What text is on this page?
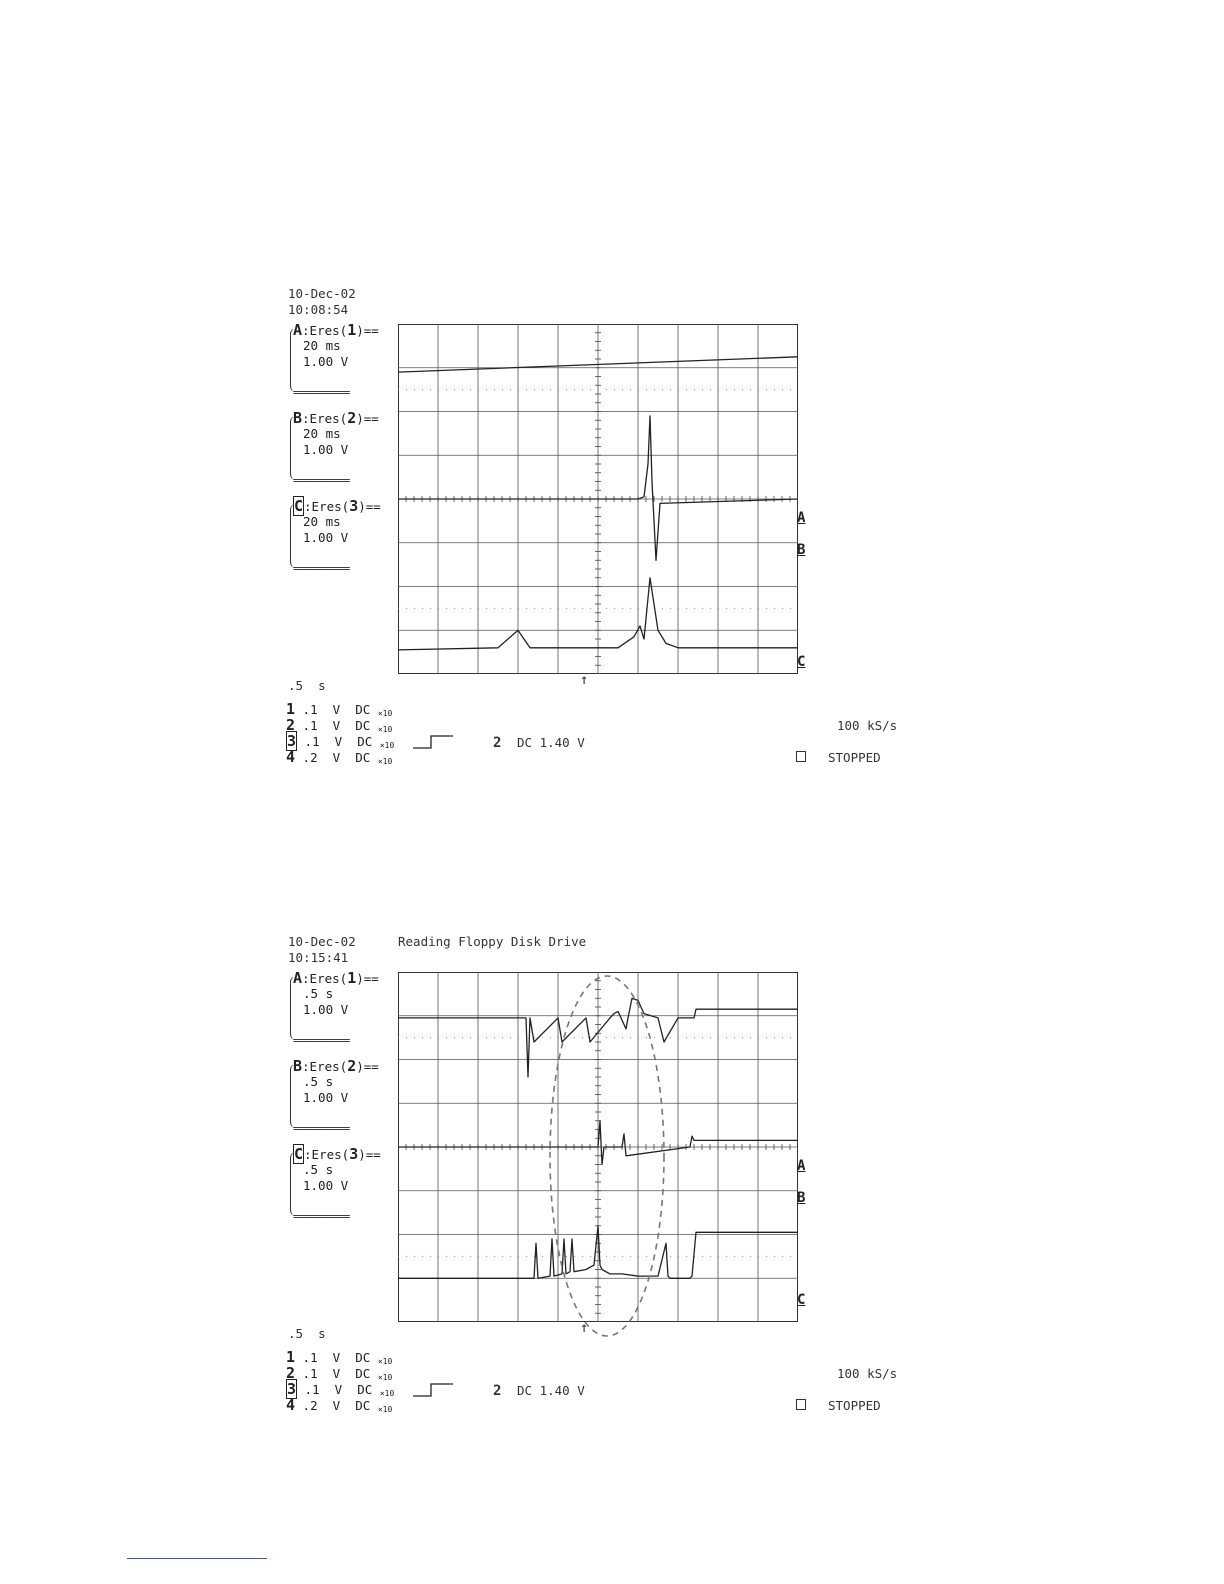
10-Dec-02
10:08:54
A:Eres(1)==
20 ms
1.00 V
==========
B:Eres(2)==
20 ms
1.00 V
==========
C:Eres(3)==
20 ms
1.00 V
==========
A
B
C
↑
.5  s
1 .1  V  DC ×10
2 .1  V  DC ×10
3 .1  V  DC ×10
4 .2  V  DC ×10
2 DC 1.40 V
100 kS/s
STOPPED
10-Dec-02	Reading Floppy Disk Drive
10:15:41
A:Eres(1)==
.5 s
1.00 V
==========
B:Eres(2)==
.5 s
1.00 V
==========
C:Eres(3)==
.5 s
1.00 V
==========
A
B
C
↑
.5  s
1 .1  V  DC ×10
2 .1  V  DC ×10
3 .1  V  DC ×10
4 .2  V  DC ×10
2 DC 1.40 V
100 kS/s
STOPPED
